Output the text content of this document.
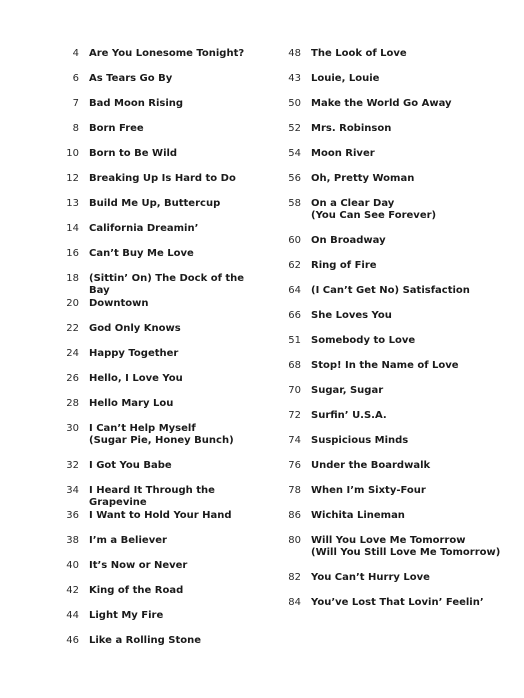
4 Are You Lonesome Tonight?
6 As Tears Go By
7 Bad Moon Rising
8 Born Free
10 Born to Be Wild
12 Breaking Up Is Hard to Do
13 Build Me Up, Buttercup
14 California Dreamin’
16 Can’t Buy Me Love
18 (Sittin’ On) The Dock of the Bay
20 Downtown
22 God Only Knows
24 Happy Together
26 Hello, I Love You
28 Hello Mary Lou
30 I Can’t Help Myself
(Sugar Pie, Honey Bunch)
32 I Got You Babe
34 I Heard It Through the Grapevine
36 I Want to Hold Your Hand
38 I’m a Believer
40 It’s Now or Never
42 King of the Road
44 Light My Fire
46 Like a Rolling Stone
48 The Look of Love
43 Louie, Louie
50 Make the World Go Away
52 Mrs. Robinson
54 Moon River
56 Oh, Pretty Woman
58 On a Clear Day
(You Can See Forever)
60 On Broadway
62 Ring of Fire
64 (I Can’t Get No) Satisfaction
66 She Loves You
51 Somebody to Love
68 Stop! In the Name of Love
70 Sugar, Sugar
72 Surfin’ U.S.A.
74 Suspicious Minds
76 Under the Boardwalk
78 When I’m Sixty-Four
86 Wichita Lineman
80 Will You Love Me Tomorrow
(Will You Still Love Me Tomorrow)
82 You Can’t Hurry Love
84 You’ve Lost That Lovin’ Feelin’
